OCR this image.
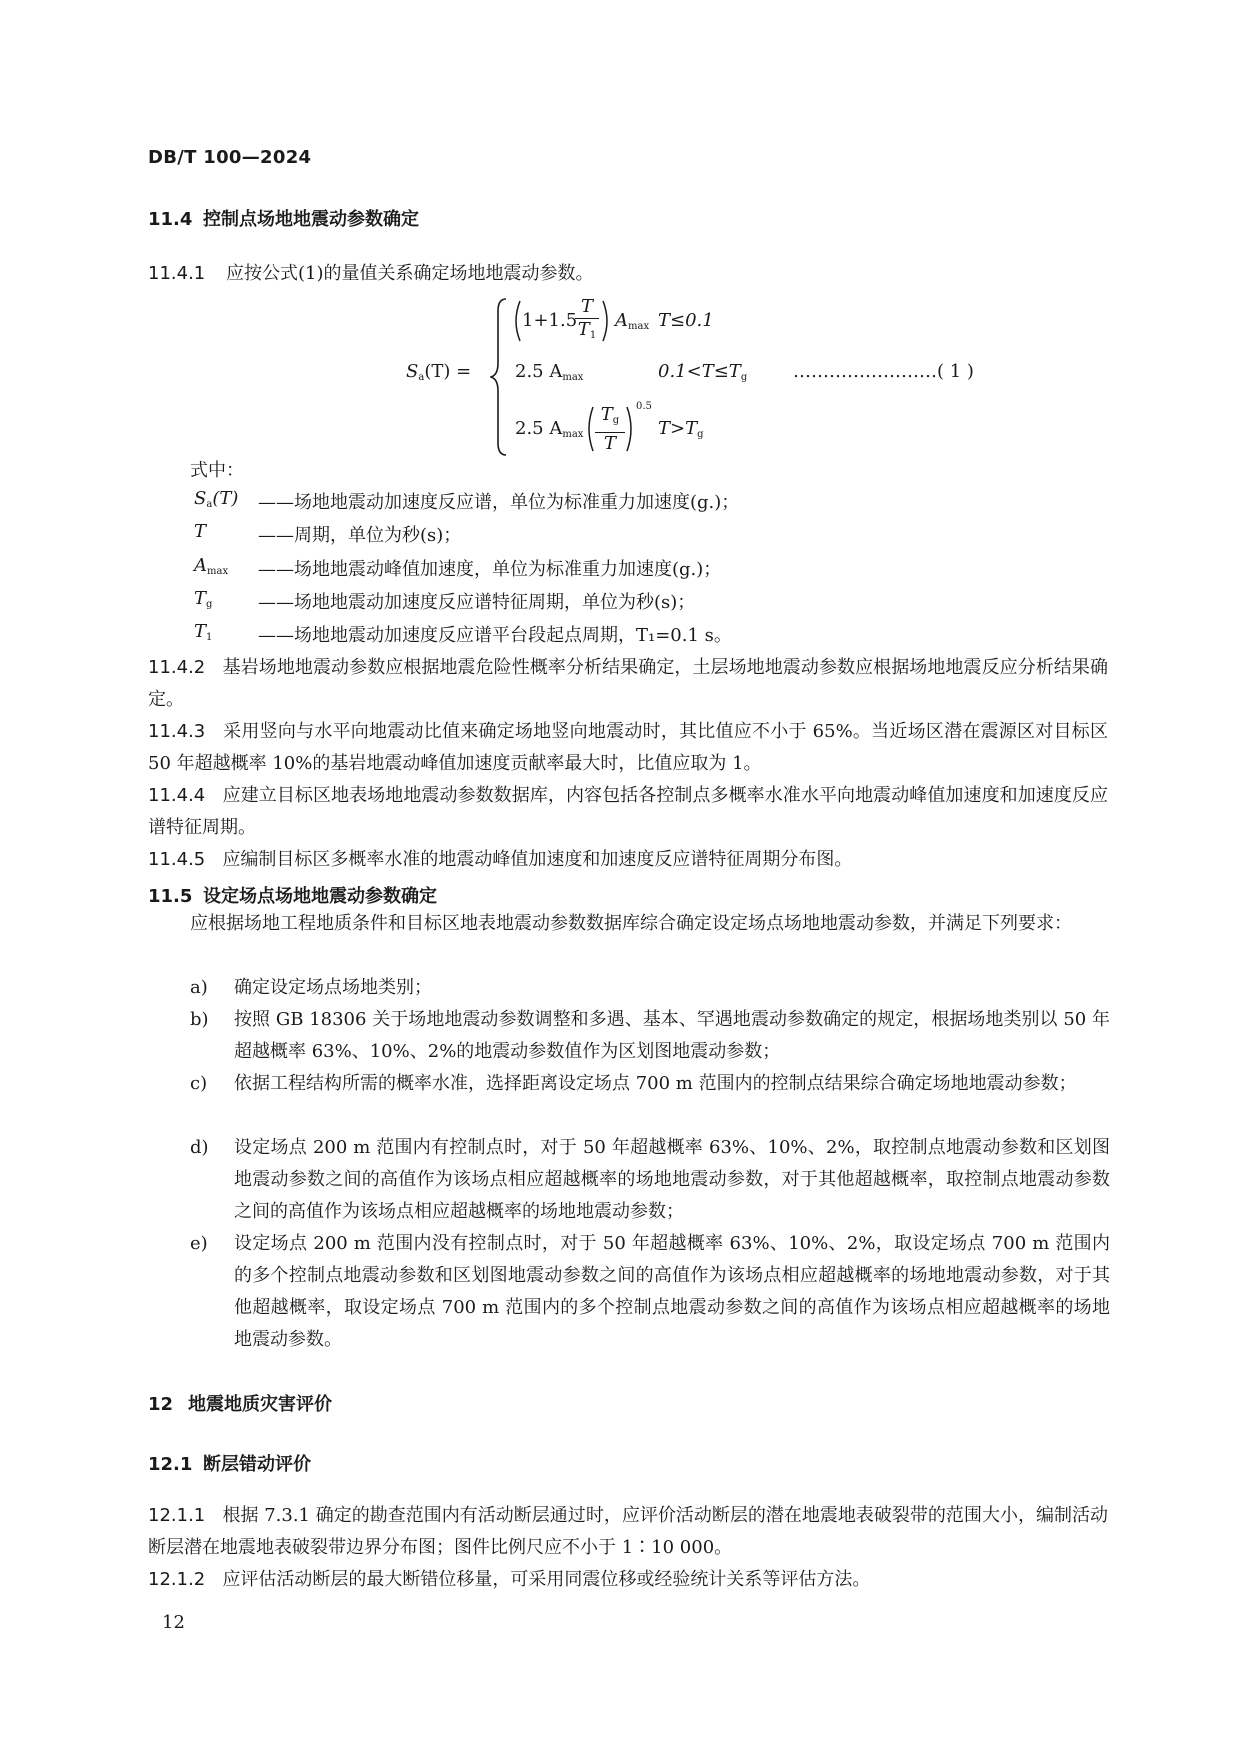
DB/T 100—2024
11.4 控制点场地地震动参数确定
11.4.1 应按公式(1)的量值关系确定场地地震动参数。
$S_a(T)$ =
1+1.5
T
$T_1$
$A_{max}$ T≤0.1
2.5 $A_{max}$	$0.1<T\le T_g$
2.5 $A_{max}$
$T_g$
T
0.5
$T>T_g$
……………………( 1 )
式中：
$S_a(T)$ ——场地地震动加速度反应谱，单位为标准重力加速度(g.)；
T	——周期，单位为秒(s)；
$A_{max}$ ——场地地震动峰值加速度，单位为标准重力加速度(g.)；
$T_g$	——场地地震动加速度反应谱特征周期，单位为秒(s)；
$T_1$	——场地地震动加速度反应谱平台段起点周期，T₁=0.1 s。
11.4.2 基岩场地地震动参数应根据地震危险性概率分析结果确定，土层场地地震动参数应根据场地地震反应分析结果确定。
11.4.3 采用竖向与水平向地震动比值来确定场地竖向地震动时，其比值应不小于 65%。当近场区潜在震源区对目标区 50 年超越概率 10%的基岩地震动峰值加速度贡献率最大时，比值应取为 1。
11.4.4 应建立目标区地表场地地震动参数数据库，内容包括各控制点多概率水准水平向地震动峰值加速度和加速度反应谱特征周期。
11.4.5 应编制目标区多概率水准的地震动峰值加速度和加速度反应谱特征周期分布图。
11.5 设定场点场地地震动参数确定
应根据场地工程地质条件和目标区地表地震动参数数据库综合确定设定场点场地地震动参数，并满足下列要求：
a) 确定设定场点场地类别；
b) 按照 GB 18306 关于场地地震动参数调整和多遇、基本、罕遇地震动参数确定的规定，根据场地类别以 50 年超越概率 63%、10%、2%的地震动参数值作为区划图地震动参数；
c) 依据工程结构所需的概率水准，选择距离设定场点 700 m 范围内的控制点结果综合确定场地地震动参数；
d) 设定场点 200 m 范围内有控制点时，对于 50 年超越概率 63%、10%、2%，取控制点地震动参数和区划图地震动参数之间的高值作为该场点相应超越概率的场地地震动参数，对于其他超越概率，取控制点地震动参数之间的高值作为该场点相应超越概率的场地地震动参数；
e) 设定场点 200 m 范围内没有控制点时，对于 50 年超越概率 63%、10%、2%，取设定场点 700 m 范围内的多个控制点地震动参数和区划图地震动参数之间的高值作为该场点相应超越概率的场地地震动参数，对于其他超越概率，取设定场点 700 m 范围内的多个控制点地震动参数之间的高值作为该场点相应超越概率的场地地震动参数。
12 地震地质灾害评价
12.1 断层错动评价
12.1.1 根据 7.3.1 确定的勘查范围内有活动断层通过时，应评价活动断层的潜在地震地表破裂带的范围大小，编制活动断层潜在地震地表破裂带边界分布图；图件比例尺应不小于 1∶10 000。
12.1.2 应评估活动断层的最大断错位移量，可采用同震位移或经验统计关系等评估方法。
12
